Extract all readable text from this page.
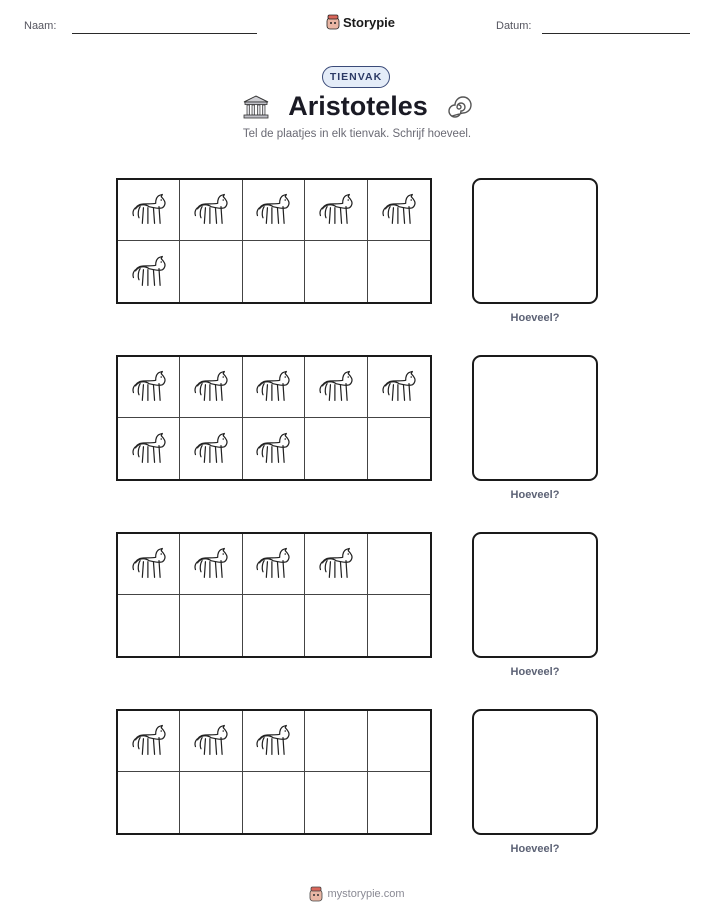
Naam:	Storypie	Datum:
TIENVAK
Aristoteles
Tel de plaatjes in elk tienvak. Schrijf hoeveel.
Hoeveel?
Hoeveel?
Hoeveel?
Hoeveel?
mystorypie.com
